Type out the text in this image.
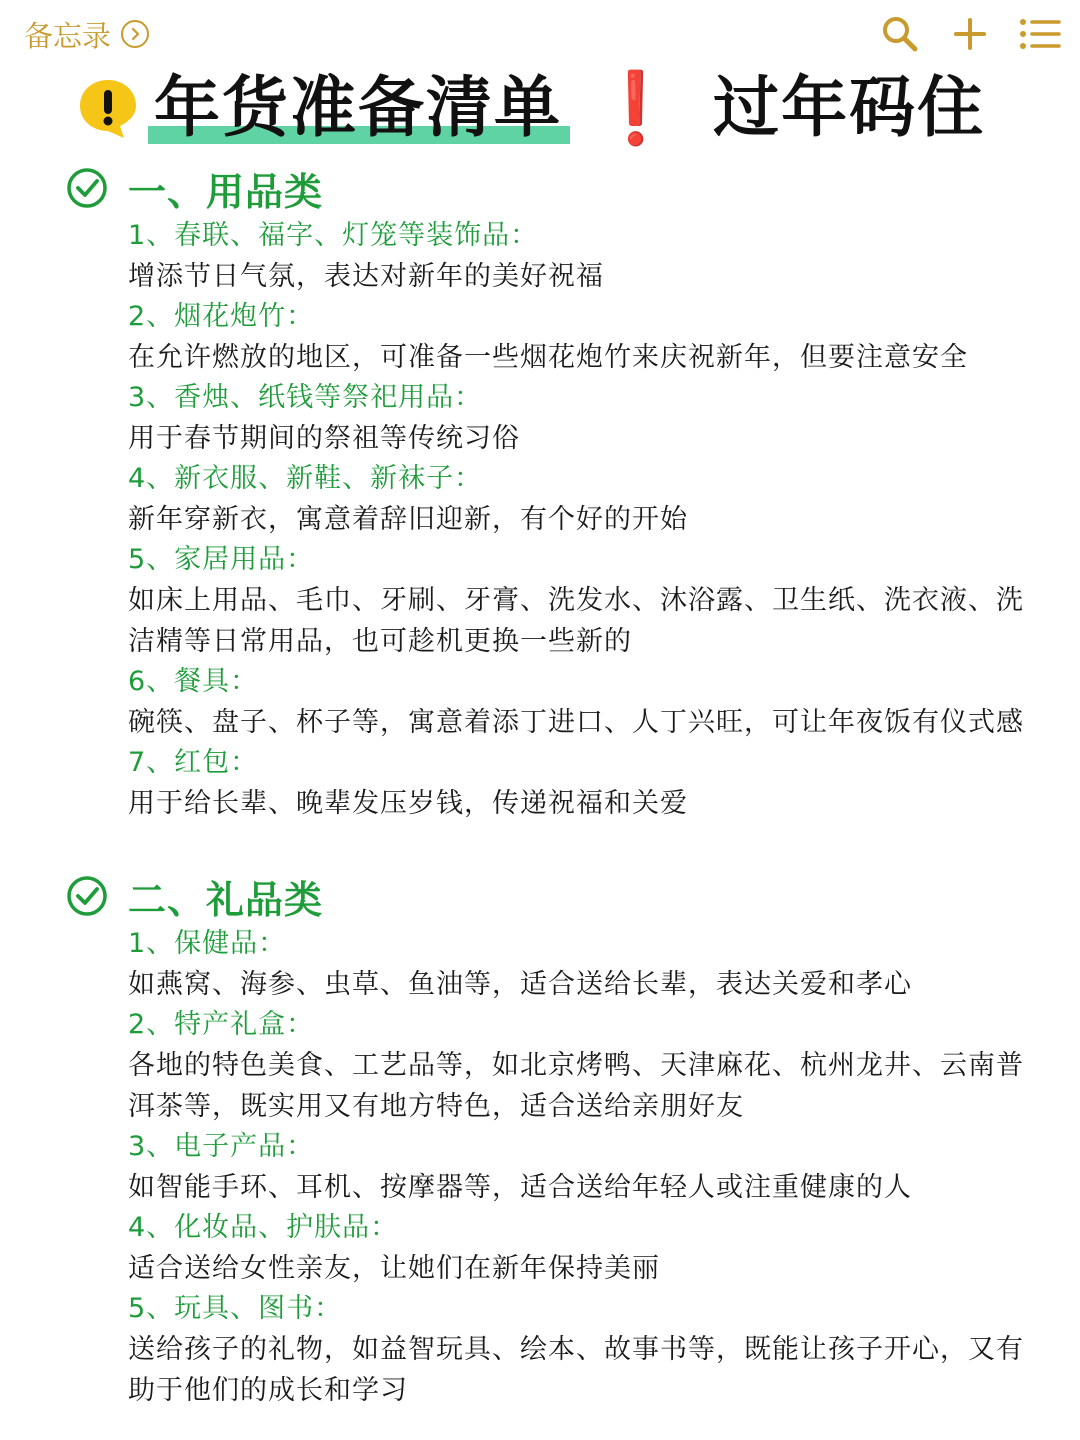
备忘录
年货准备清单 ❗ 过年码住
一、用品类
1、春联、福字、灯笼等装饰品：
增添节日气氛，表达对新年的美好祝福
2、烟花炮竹：
在允许燃放的地区，可准备一些烟花炮竹来庆祝新年，但要注意安全
3、香烛、纸钱等祭祀用品：
用于春节期间的祭祖等传统习俗
4、新衣服、新鞋、新袜子：
新年穿新衣，寓意着辞旧迎新，有个好的开始
5、家居用品：
如床上用品、毛巾、牙刷、牙膏、洗发水、沐浴露、卫生纸、洗衣液、洗洁精等日常用品，也可趁机更换一些新的
6、餐具：
碗筷、盘子、杯子等，寓意着添丁进口、人丁兴旺，可让年夜饭有仪式感
7、红包：
用于给长辈、晚辈发压岁钱，传递祝福和关爱
二、礼品类
1、保健品：
如燕窝、海参、虫草、鱼油等，适合送给长辈，表达关爱和孝心
2、特产礼盒：
各地的特色美食、工艺品等，如北京烤鸭、天津麻花、杭州龙井、云南普洱茶等，既实用又有地方特色，适合送给亲朋好友
3、电子产品：
如智能手环、耳机、按摩器等，适合送给年轻人或注重健康的人
4、化妆品、护肤品：
适合送给女性亲友，让她们在新年保持美丽
5、玩具、图书：
送给孩子的礼物，如益智玩具、绘本、故事书等，既能让孩子开心，又有助于他们的成长和学习
